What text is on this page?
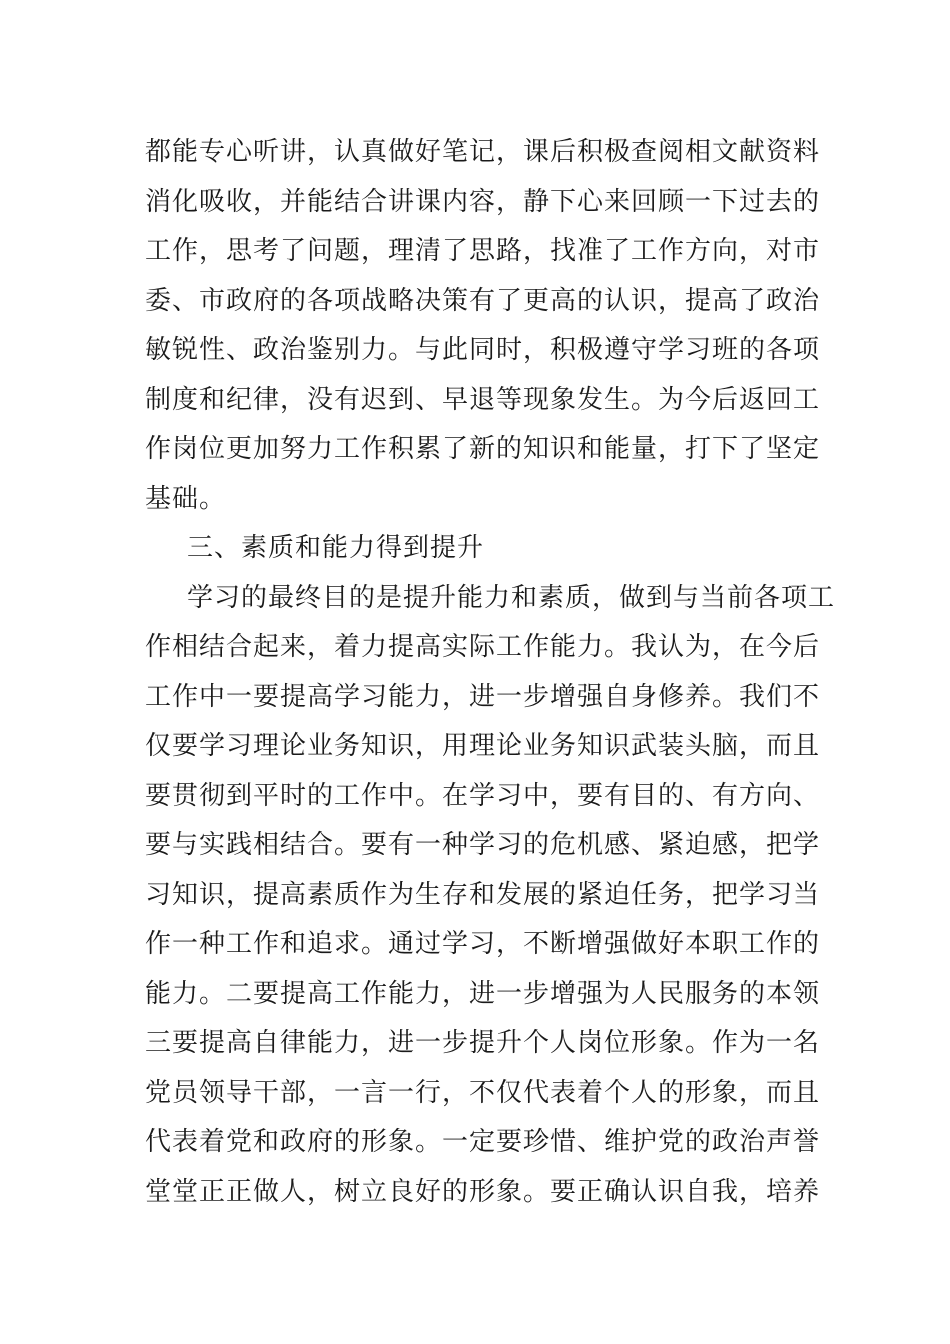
都能专心听讲，认真做好笔记，课后积极查阅相文献资料
消化吸收，并能结合讲课内容，静下心来回顾一下过去的
工作，思考了问题，理清了思路，找准了工作方向，对市
委、市政府的各项战略决策有了更高的认识，提高了政治
敏锐性、政治鉴别力。与此同时，积极遵守学习班的各项
制度和纪律，没有迟到、早退等现象发生。为今后返回工
作岗位更加努力工作积累了新的知识和能量，打下了坚定
基础。
三、素质和能力得到提升
学习的最终目的是提升能力和素质，做到与当前各项工
作相结合起来，着力提高实际工作能力。我认为，在今后
工作中一要提高学习能力，进一步增强自身修养。我们不
仅要学习理论业务知识，用理论业务知识武装头脑，而且
要贯彻到平时的工作中。在学习中，要有目的、有方向、
要与实践相结合。要有一种学习的危机感、紧迫感，把学
习知识，提高素质作为生存和发展的紧迫任务，把学习当
作一种工作和追求。通过学习，不断增强做好本职工作的
能力。二要提高工作能力，进一步增强为人民服务的本领
三要提高自律能力，进一步提升个人岗位形象。作为一名
党员领导干部，一言一行，不仅代表着个人的形象，而且
代表着党和政府的形象。一定要珍惜、维护党的政治声誉
堂堂正正做人，树立良好的形象。要正确认识自我，培养
